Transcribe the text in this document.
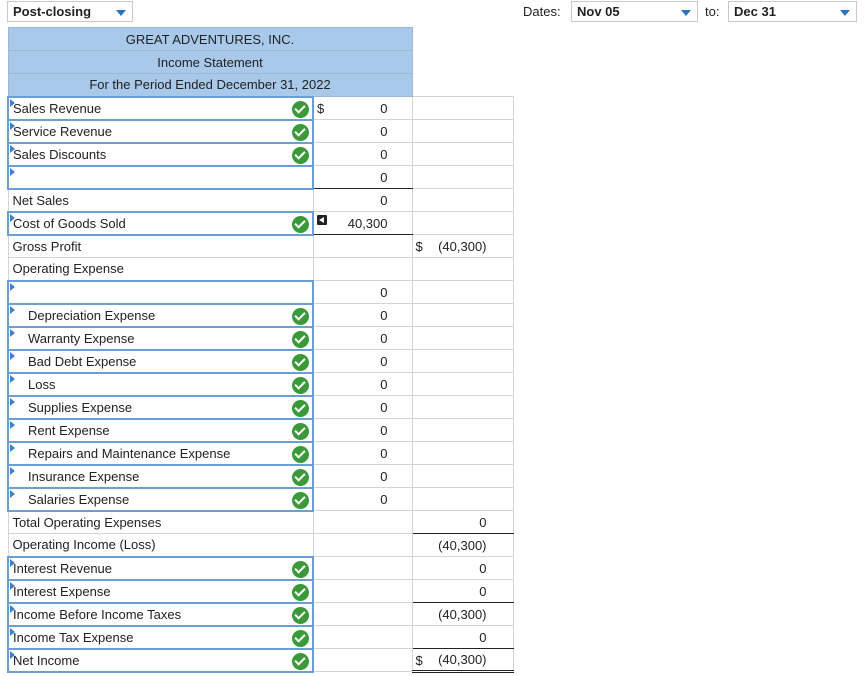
Post-closing	Dates:	Nov 05	to:	Dec 31
GREAT ADVENTURES, INC.		
Income Statement		
For the Period Ended December 31, 2022		

Sales Revenue	$ 0	

Service Revenue	0	

Sales Discounts	0	

	0	
Net Sales	0	

Cost of Goods Sold	40,300	
Gross Profit		$ (40,300)
Operating Expense		

	0	

Depreciation Expense	0	

Warranty Expense	0	

Bad Debt Expense	0	

Loss	0	

Supplies Expense	0	

Rent Expense	0	

Repairs and Maintenance Expense	0	

Insurance Expense	0	

Salaries Expense	0	
Total Operating Expenses		0
Operating Income (Loss)		(40,300)

Interest Revenue		0

Interest Expense		0

Income Before Income Taxes		(40,300)

Income Tax Expense		0

Net Income		$ (40,300)
